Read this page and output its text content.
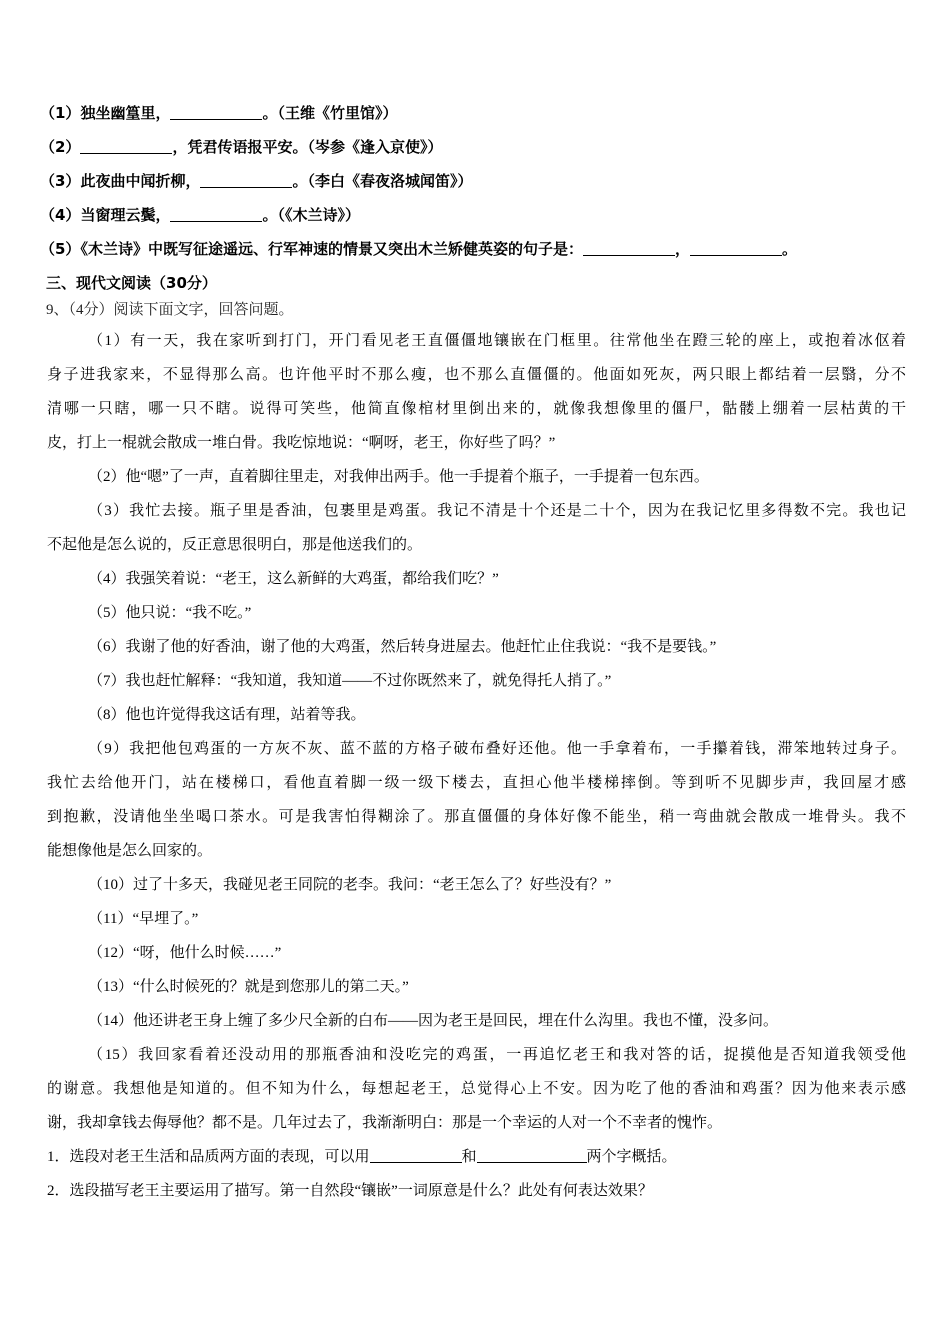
（1）独坐幽篁里，	。（王维《竹里馆》）
（2）	，凭君传语报平安。（岑参《逢入京使》）
（3）此夜曲中闻折柳，	。（李白《春夜洛城闻笛》）
（4）当窗理云鬓，	。（《木兰诗》）
（5）《木兰诗》中既写征途遥远、行军神速的情景又突出木兰矫健英姿的句子是：	，	。
三、现代文阅读（30分）
9、（4分）阅读下面文字，回答问题。
（1）有一天，我在家听到打门，开门看见老王直僵僵地镶嵌在门框里。往常他坐在蹬三轮的座上，或抱着冰伛着
身子进我家来，不显得那么高。也许他平时不那么瘦，也不那么直僵僵的。他面如死灰，两只眼上都结着一层翳，分不
清哪一只瞎，哪一只不瞎。说得可笑些，他简直像棺材里倒出来的，就像我想像里的僵尸，骷髅上绷着一层枯黄的干
皮，打上一棍就会散成一堆白骨。我吃惊地说：“啊呀，老王，你好些了吗？”
（2）他“嗯”了一声，直着脚往里走，对我伸出两手。他一手提着个瓶子，一手提着一包东西。
（3）我忙去接。瓶子里是香油，包裹里是鸡蛋。我记不清是十个还是二十个，因为在我记忆里多得数不完。我也记
不起他是怎么说的，反正意思很明白，那是他送我们的。
（4）我强笑着说：“老王，这么新鲜的大鸡蛋，都给我们吃？”
（5）他只说：“我不吃。”
（6）我谢了他的好香油，谢了他的大鸡蛋，然后转身进屋去。他赶忙止住我说：“我不是要钱。”
（7）我也赶忙解释：“我知道，我知道——不过你既然来了，就免得托人捎了。”
（8）他也许觉得我这话有理，站着等我。
（9）我把他包鸡蛋的一方灰不灰、蓝不蓝的方格子破布叠好还他。他一手拿着布，一手攥着钱，滞笨地转过身子。
我忙去给他开门，站在楼梯口，看他直着脚一级一级下楼去，直担心他半楼梯摔倒。等到听不见脚步声，我回屋才感
到抱歉，没请他坐坐喝口茶水。可是我害怕得糊涂了。那直僵僵的身体好像不能坐，稍一弯曲就会散成一堆骨头。我不
能想像他是怎么回家的。
（10）过了十多天，我碰见老王同院的老李。我问：“老王怎么了？好些没有？”
（11）“早埋了。”
（12）“呀，他什么时候……”
（13）“什么时候死的？就是到您那儿的第二天。”
（14）他还讲老王身上缠了多少尺全新的白布——因为老王是回民，埋在什么沟里。我也不懂，没多问。
（15）我回家看着还没动用的那瓶香油和没吃完的鸡蛋，一再追忆老王和我对答的话，捉摸他是否知道我领受他
的谢意。我想他是知道的。但不知为什么，每想起老王，总觉得心上不安。因为吃了他的香油和鸡蛋？因为他来表示感
谢，我却拿钱去侮辱他？都不是。几年过去了，我渐渐明白：那是一个幸运的人对一个不幸者的愧怍。
1．选段对老王生活和品质两方面的表现，可以用	和	两个字概括。
2．选段描写老王主要运用了描写。第一自然段“镶嵌”一词原意是什么？此处有何表达效果？
